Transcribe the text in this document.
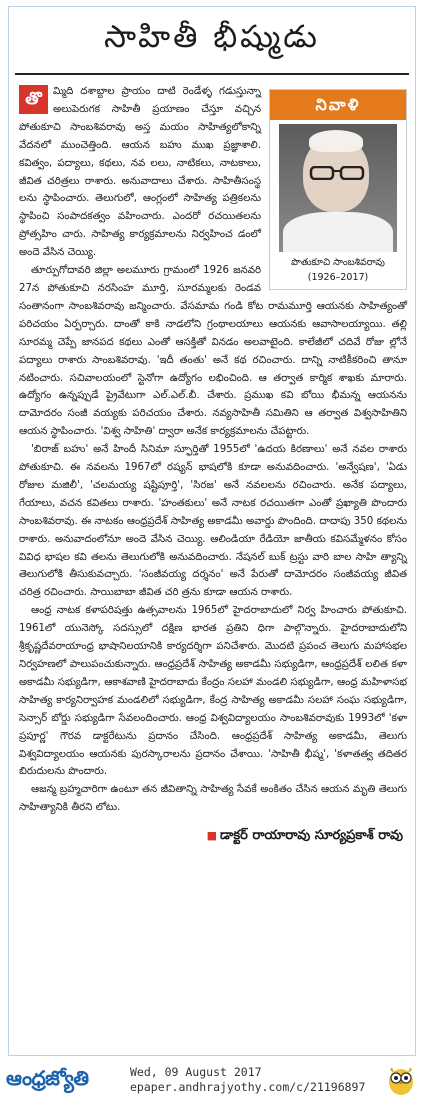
సాహితీ భీష్ముడు
తొ	నివాళి
పొతుకూచి సాంబశివరావు
(1926–2017)

మ్మిది దశాబ్దాల ప్రాయం దాటి రెండేళ్ళ గడుస్తున్నా అలుపెరుగక సాహితీ ప్రయాణం చేస్తూ వచ్చిన పోతుకూచి సాంబశివరావు అస్త మయం సాహిత్యలోకాన్ని వేదనలో ముంచెత్తింది. ఆయన బహు ముఖ ప్రజ్ఞాశాలి. కవిత్వం, పద్యాలు, కథలు, నవ లలు, నాటికలు, నాటకాలు, జీవిత చరిత్రలు రాశారు. అనువాదాలు చేశారు. సాహితీసంస్థ లను స్థాపించారు. తెలుగులో, ఆంగ్లంలో సాహిత్య పత్రికలను స్థాపించి సంపాదకత్వం వహించారు. ఎందరో రచయితలను ప్రోత్సహిం చారు. సాహిత్య కార్యక్రమాలను నిర్వహించ డంలో అందె వేసిన చెయ్యి.

తూర్పుగోదావరి జిల్లా అలమూరు గ్రామంలో 1926 జనవరి 27న పోతుకూచి నరసింహ మూర్తి, సూరమ్మలకు రెండవ సంతానంగా సాంబశివరావు జన్మించారు. వేసమామ గండి కోట రామమూర్తి ఆయనకు సాహిత్యంతో పరిచయం ఏర్పర్చారు. దాంతో కాకి నాడలోని గ్రంథాలయాలు ఆయనకు ఆవాసాలయ్యాయి. తల్లి సూరమ్మ చెప్పే జానపద కథలు ఎంతో ఆసక్తితో వినడం అలవాటైంది. కాలేజీలో చదివే రోజు ల్లోనే పద్యాలు రాశారు సాంబశివరావు. 'ఇదీ తంతు' అనే కథ రచించారు. దాన్ని నాటికీకరించి తానూ నటించారు. సచివాలయంలో స్టెనోగా ఉద్యోగం లభించింది. ఆ తర్వాత కార్మిక శాఖకు మారారు. ఉద్యోగం ఉన్నప్పుడే ప్రైవేటుగా ఎల్.ఎల్.బీ. చేశారు. ప్రముఖ కవి బోయి భీమన్న ఆయనను దామోదరం సంజీ వయ్యకు పరిచయం చేశారు. నవ్యసాహితీ సమితిని ఆ తర్వాత విశ్వసాహితిని ఆయన స్థాపించారు. 'విశ్వ సాహితి' ద్వారా అనేక కార్యక్రమాలను చేపట్టారు.

'బిరాజ్ బహు' అనే హిందీ సినిమా స్ఫూర్తితో 1955లో 'ఉదయ కిరణాలు' అనే నవల రాశారు పోతుకూచి. ఈ నవలను 1967లో రష్యన్ భాషలోకి కూడా అనువదించారు. 'అన్వేషణ', 'ఏడు రోజుల మజిలీ', 'చలమయ్య షష్టిపూర్తి', 'సిరజ' అనే నవలలను రచించారు. అనేక పద్యాలు, గేయాలు, వచన కవితలు రాశారు. 'హంతకులు' అనే నాటక రచయితగా ఎంతో ప్రఖ్యాతి పొందారు సాంబశివరావు. ఈ నాటకం ఆంధ్రప్రదేశ్ సాహిత్య అకాడమీ అవార్డు పొందింది. దాదాపు 350 కథలను రాశారు. అనువాదంలోనూ అందె వేసిన చెయ్యి. ఆలిండియా రేడియో జాతీయ కవిసమ్మేళనం కోసం వివిధ భాషల కవి తలను తెలుగులోకి అనువదించారు. నేషనల్ బుక్ ట్రస్టు వారి బాల సాహి త్యాన్ని తెలుగులోకి తీసుకువచ్చారు. 'సంజీవయ్య దర్శనం' అనే పేరుతో దామోదరం సంజీవయ్య జీవిత చరిత్ర రచించారు. సాయిబాబా జీవిత చరి త్రను కూడా ఆయన రాశారు.

ఆంధ్ర నాటక కళాపరిషత్తు ఉత్సవాలను 1965లో హైదరాబాదులో నిర్వ హించారు పోతుకూచి. 1961లో యునెస్కో సదస్సులో దక్షిణ భారత ప్రతిని ధిగా పాల్గొన్నారు. హైదరాబాదులోని శ్రీకృష్ణదేవరాయాంధ్ర భాషానిలయానికి కార్యదర్శిగా పనిచేశారు. మొదటి ప్రపంచ తెలుగు మహాసభల నిర్వహణలో పాలుపంచుకున్నారు. ఆంధ్రప్రదేశ్ సాహిత్య అకాడమీ సభ్యుడిగా, ఆంధ్రప్రదేశ్ లలిత కళా అకాడమీ సభ్యుడిగా, ఆకాశవాణి హైదరాబాదు కేంద్రం సలహా మండలి సభ్యుడిగా, ఆంధ్ర మహిళాసభ సాహిత్య కార్యనిర్వాహక మండలిలో సభ్యుడిగా, కేంద్ర సాహిత్య అకాడమీ సలహా సంఘ సభ్యుడిగా, సెన్సార్ బోర్డు సభ్యుడిగా సేవలందించారు. ఆంధ్ర విశ్వవిద్యాలయం సాంబశివరావుకు 1993లో 'కళా ప్రపూర్ణ' గౌరవ డాక్టరేటును ప్రదానం చేసింది. ఆంధ్రప్రదేశ్ సాహిత్య అకాడమీ, తెలుగు విశ్వవిద్యాలయం ఆయనకు పురస్కారాలను ప్రదానం చేశాయి. 'సాహితీ భీష్మ', 'కళాతత్వ తదితర బిరుదులను పొందారు.

ఆజన్మ బ్రహ్మచారిగా ఉంటూ తన జీవితాన్ని సాహిత్య సేవకే అంకితం చేసిన ఆయన మృతి తెలుగు సాహిత్యానికి తీరని లోటు.

■ డాక్టర్ రాయారావు సూర్యప్రకాశ్ రావు
ఆంధ్రజ్యోతి	Wed, 09 August 2017
epaper.andhrajyothy.com/c/21196897
